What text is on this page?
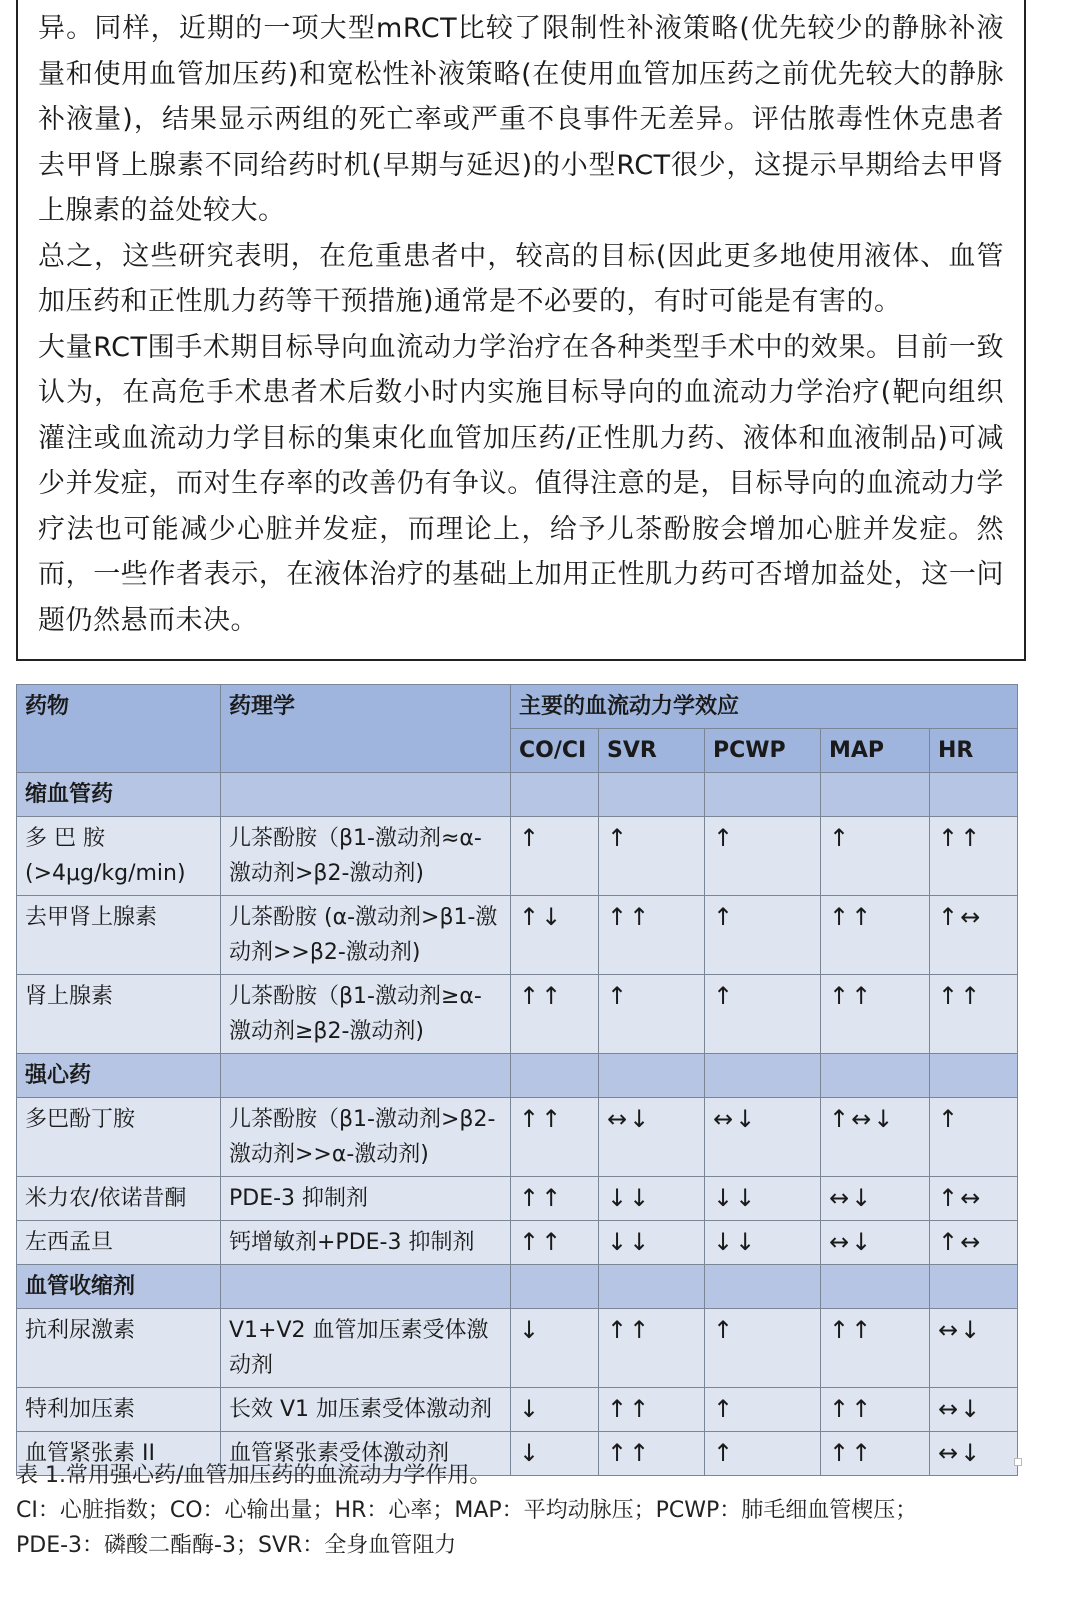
异。同样，近期的一项大型mRCT比较了限制性补液策略(优先较少的静脉补液量和使用血管加压药)和宽松性补液策略(在使用血管加压药之前优先较大的静脉补液量)，结果显示两组的死亡率或严重不良事件无差异。评估脓毒性休克患者去甲肾上腺素不同给药时机(早期与延迟)的小型RCT很少，这提示早期给去甲肾上腺素的益处较大。

总之，这些研究表明，在危重患者中，较高的目标(因此更多地使用液体、血管加压药和正性肌力药等干预措施)通常是不必要的，有时可能是有害的。

大量RCT围手术期目标导向血流动力学治疗在各种类型手术中的效果。目前一致认为，在高危手术患者术后数小时内实施目标导向的血流动力学治疗(靶向组织灌注或血流动力学目标的集束化血管加压药/正性肌力药、液体和血液制品)可减少并发症，而对生存率的改善仍有争议。值得注意的是，目标导向的血流动力学疗法也可能减少心脏并发症，而理论上，给予儿茶酚胺会增加心脏并发症。然而，一些作者表示，在液体治疗的基础上加用正性肌力药可否增加益处，这一问题仍然悬而未决。

药物	药理学	主要的血流动力学效应				
		CO/CI	SVR	PCWP	MAP	HR
缩血管药						
多 巴 胺 (>4μg/kg/min)	儿茶酚胺（β1-激动剂≈α-激动剂>β2-激动剂)	↑	↑	↑	↑	↑↑
去甲肾上腺素	儿茶酚胺 (α-激动剂>β1-激动剂>>β2-激动剂)	↑↓	↑↑	↑	↑↑	↑↔
肾上腺素	儿茶酚胺（β1-激动剂≥α-激动剂≥β2-激动剂)	↑↑	↑	↑	↑↑	↑↑
强心药						
多巴酚丁胺	儿茶酚胺（β1-激动剂>β2-激动剂>>α-激动剂)	↑↑	↔↓	↔↓	↑↔↓	↑
米力农/依诺昔酮	PDE-3 抑制剂	↑↑	↓↓	↓↓	↔↓	↑↔
左西孟旦	钙增敏剂+PDE-3 抑制剂	↑↑	↓↓	↓↓	↔↓	↑↔
血管收缩剂						
抗利尿激素	V1+V2 血管加压素受体激动剂	↓	↑↑	↑	↑↑	↔↓
特利加压素	长效 V1 加压素受体激动剂	↓	↑↑	↑	↑↑	↔↓
血管紧张素 II	血管紧张素受体激动剂	↓	↑↑	↑	↑↑	↔↓
表 1.常用强心药/血管加压药的血流动力学作用。
CI：心脏指数；CO：心输出量；HR：心率；MAP：平均动脉压；PCWP：肺毛细血管楔压；
PDE-3：磷酸二酯酶-3；SVR：全身血管阻力
